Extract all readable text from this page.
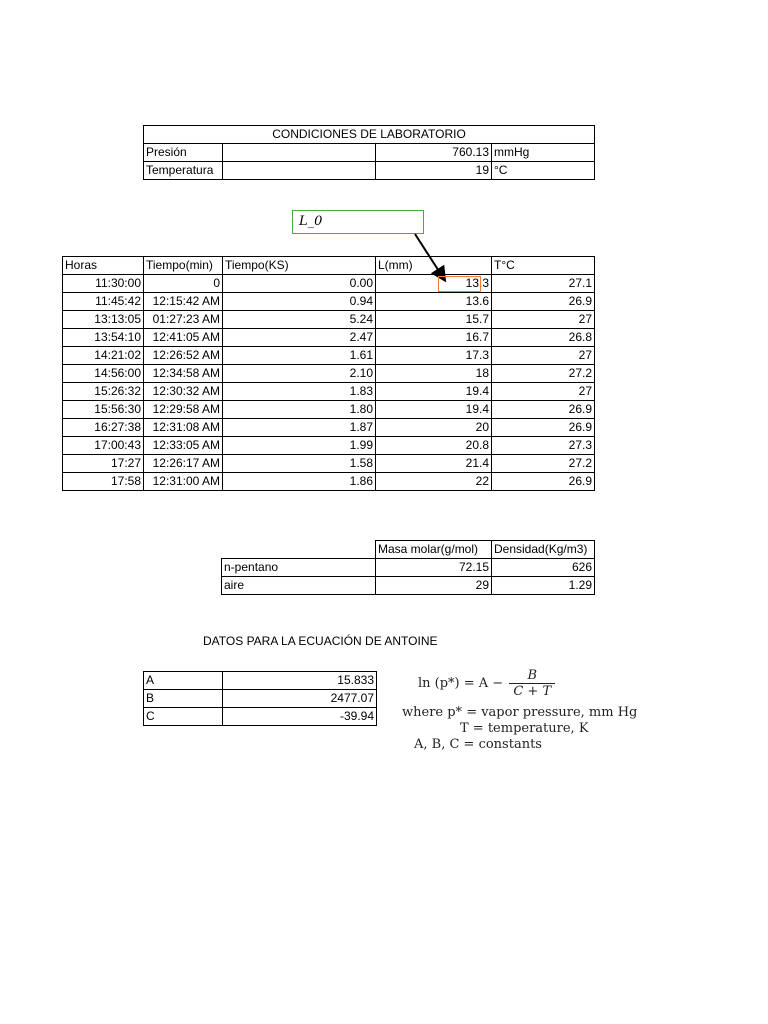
CONDICIONES DE LABORATORIO			
Presión		760.13	mmHg
Temperatura		19	°C
L_0
Horas	Tiempo(min)	Tiempo(KS)	L(mm)	T°C
11:30:00	0	0.00	13.3	27.1
11:45:42	12:15:42 AM	0.94	13.6	26.9
13:13:05	01:27:23 AM	5.24	15.7	27
13:54:10	12:41:05 AM	2.47	16.7	26.8
14:21:02	12:26:52 AM	1.61	17.3	27
14:56:00	12:34:58 AM	2.10	18	27.2
15:26:32	12:30:32 AM	1.83	19.4	27
15:56:30	12:29:58 AM	1.80	19.4	26.9
16:27:38	12:31:08 AM	1.87	20	26.9
17:00:43	12:33:05 AM	1.99	20.8	27.3
17:27	12:26:17 AM	1.58	21.4	27.2
17:58	12:31:00 AM	1.86	22	26.9
	Masa molar(g/mol)	Densidad(Kg/m3)
n-pentano	72.15	626
aire	29	1.29
DATOS PARA LA ECUACIÓN DE ANTOINE
A	15.833
B	2477.07
C	-39.94
$\ln (p*) = A - \frac{B}{C + T}$
where p* = vapor pressure, mm Hg
T = temperature, K
A, B, C = constants
